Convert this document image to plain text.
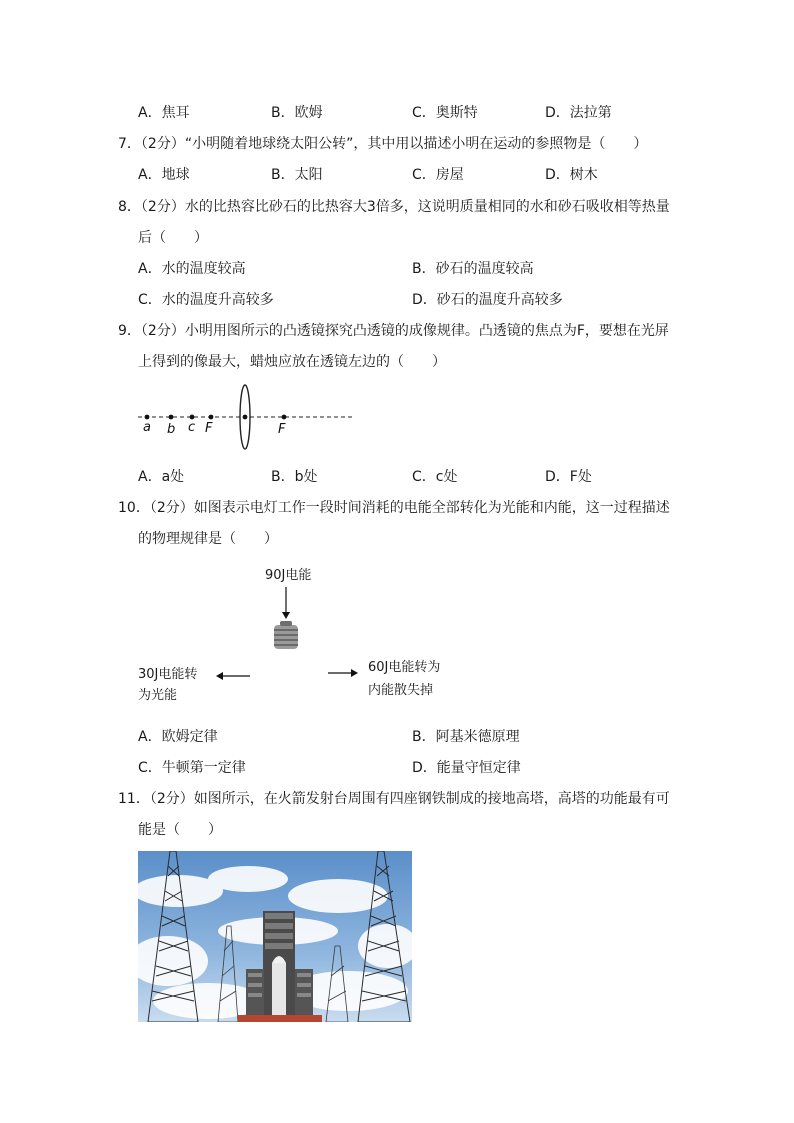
A．焦耳	B．欧姆	C．奥斯特	D．法拉第
7．（2分）“小明随着地球绕太阳公转”，其中用以描述小明在运动的参照物是（　　）
A．地球	B．太阳	C．房屋	D．树木
8．（2分）水的比热容比砂石的比热容大3倍多，这说明质量相同的水和砂石吸收相等热量
后（　　）
A．水的温度较高	B．砂石的温度较高
C．水的温度升高较多	D．砂石的温度升高较多
9．（2分）小明用图所示的凸透镜探究凸透镜的成像规律。凸透镜的焦点为F，要想在光屏
上得到的像最大，蜡烛应放在透镜左边的（　　）
a b c F	F
A．a处	B．b处	C．c处	D．F处
10．（2分）如图表示电灯工作一段时间消耗的电能全部转化为光能和内能，这一过程描述
的物理规律是（　　）
90J电能
30J电能转
为光能
60J电能转为
内能散失掉
A．欧姆定律	B．阿基米德原理
C．牛顿第一定律	D．能量守恒定律
11．（2分）如图所示，在火箭发射台周围有四座钢铁制成的接地高塔，高塔的功能最有可
能是（　　）
